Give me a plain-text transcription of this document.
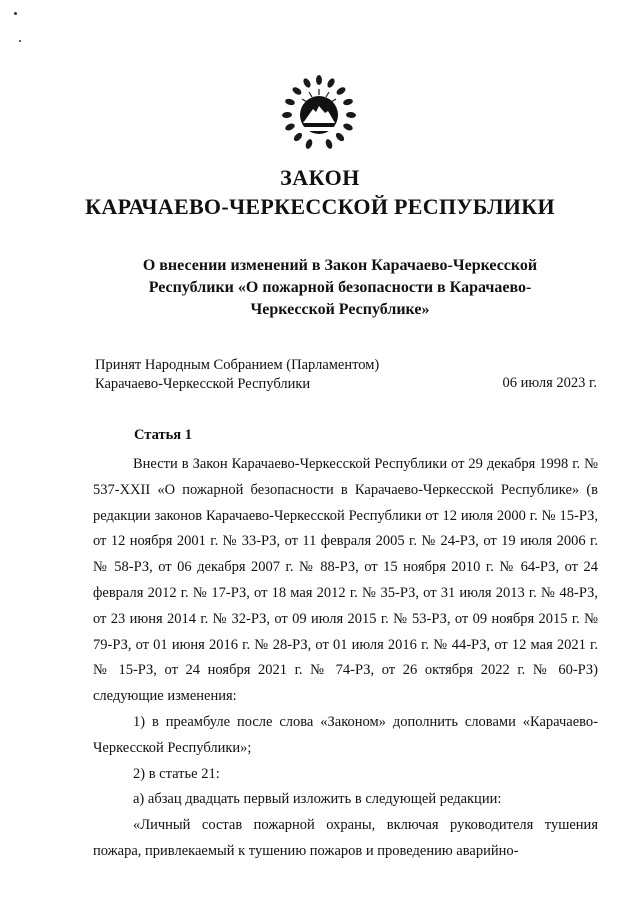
ЗАКОН
КАРАЧАЕВО-ЧЕРКЕССКОЙ РЕСПУБЛИКИ
О внесении изменений в Закон Карачаево-Черкесской Республики «О пожарной безопасности в Карачаево-Черкесской Республике»
Принят Народным Собранием (Парламентом)
Карачаево-Черкесской Республики	06 июля 2023 г.
Статья 1

Внести в Закон Карачаево-Черкесской Республики от 29 декабря 1998 г. № 537-XXII «О пожарной безопасности в Карачаево-Черкесской Республике» (в редакции законов Карачаево-Черкесской Республики от 12 июля 2000 г. № 15-РЗ, от 12 ноября 2001 г. № 33-РЗ, от 11 февраля 2005 г. № 24-РЗ, от 19 июля 2006 г. № 58-РЗ, от 06 декабря 2007 г. № 88-РЗ, от 15 ноября 2010 г. № 64-РЗ, от 24 февраля 2012 г. № 17-РЗ, от 18 мая 2012 г. № 35-РЗ, от 31 июля 2013 г. № 48-РЗ, от 23 июня 2014 г. № 32-РЗ, от 09 июля 2015 г. № 53-РЗ, от 09 ноября 2015 г. № 79-РЗ, от 01 июня 2016 г. № 28-РЗ, от 01 июля 2016 г. № 44-РЗ, от 12 мая 2021 г. № 15-РЗ, от 24 ноября 2021 г. № 74-РЗ, от 26 октября 2022 г. № 60-РЗ) следующие изменения:

1) в преамбуле после слова «Законом» дополнить словами «Карачаево-Черкесской Республики»;

2) в статье 21:

а) абзац двадцать первый изложить в следующей редакции:

«Личный состав пожарной охраны, включая руководителя тушения пожара, привлекаемый к тушению пожаров и проведению аварийно-
